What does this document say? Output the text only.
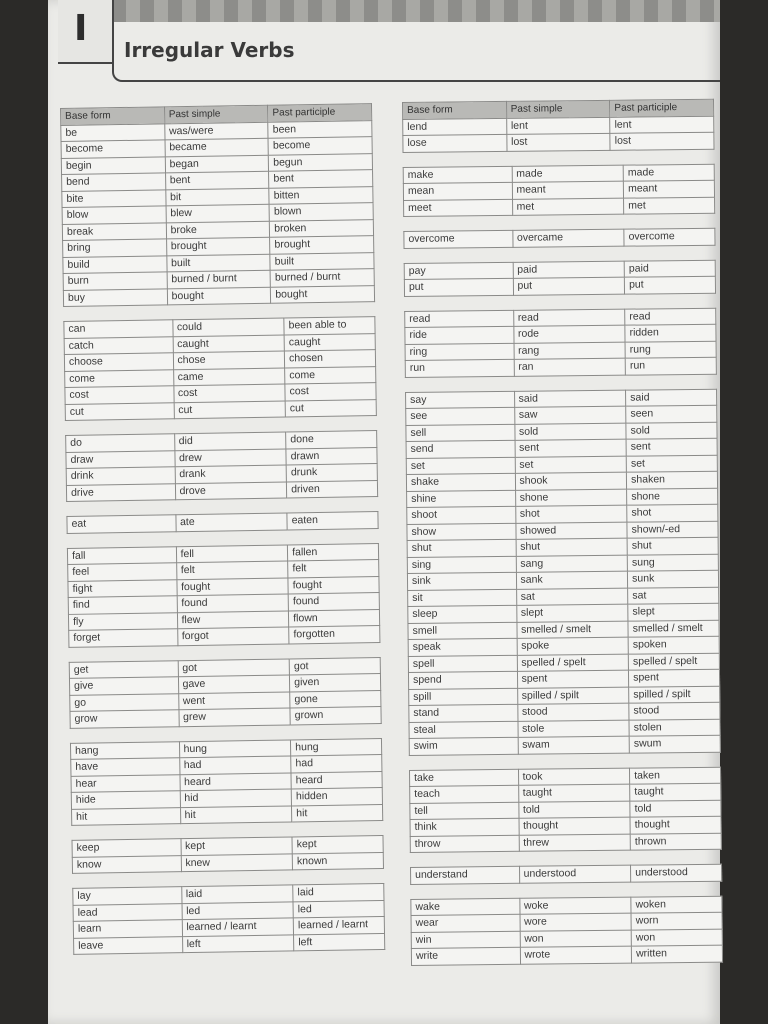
I
Irregular Verbs
Base form	Past simple	Past participle
be	was/were	been
become	became	become
begin	began	begun
bend	bent	bent
bite	bit	bitten
blow	blew	blown
break	broke	broken
bring	brought	brought
build	built	built
burn	burned / burnt	burned / burnt
buy	bought	bought
can	could	been able to
catch	caught	caught
choose	chose	chosen
come	came	come
cost	cost	cost
cut	cut	cut
do	did	done
draw	drew	drawn
drink	drank	drunk
drive	drove	driven
eat	ate	eaten
fall	fell	fallen
feel	felt	felt
fight	fought	fought
find	found	found
fly	flew	flown
forget	forgot	forgotten
get	got	got
give	gave	given
go	went	gone
grow	grew	grown
hang	hung	hung
have	had	had
hear	heard	heard
hide	hid	hidden
hit	hit	hit
keep	kept	kept
know	knew	known
lay	laid	laid
lead	led	led
learn	learned / learnt	learned / learnt
leave	left	left
Base form	Past simple	Past participle
lend	lent	lent
lose	lost	lost
make	made	made
mean	meant	meant
meet	met	met
overcome	overcame	overcome
pay	paid	paid
put	put	put
read	read	read
ride	rode	ridden
ring	rang	rung
run	ran	run
say	said	said
see	saw	seen
sell	sold	sold
send	sent	sent
set	set	set
shake	shook	shaken
shine	shone	shone
shoot	shot	shot
show	showed	shown/-ed
shut	shut	shut
sing	sang	sung
sink	sank	sunk
sit	sat	sat
sleep	slept	slept
smell	smelled / smelt	smelled / smelt
speak	spoke	spoken
spell	spelled / spelt	spelled / spelt
spend	spent	spent
spill	spilled / spilt	spilled / spilt
stand	stood	stood
steal	stole	stolen
swim	swam	swum
take	took	taken
teach	taught	taught
tell	told	told
think	thought	thought
throw	threw	thrown
understand	understood	understood
wake	woke	woken
wear	wore	worn
win	won	won
write	wrote	written
